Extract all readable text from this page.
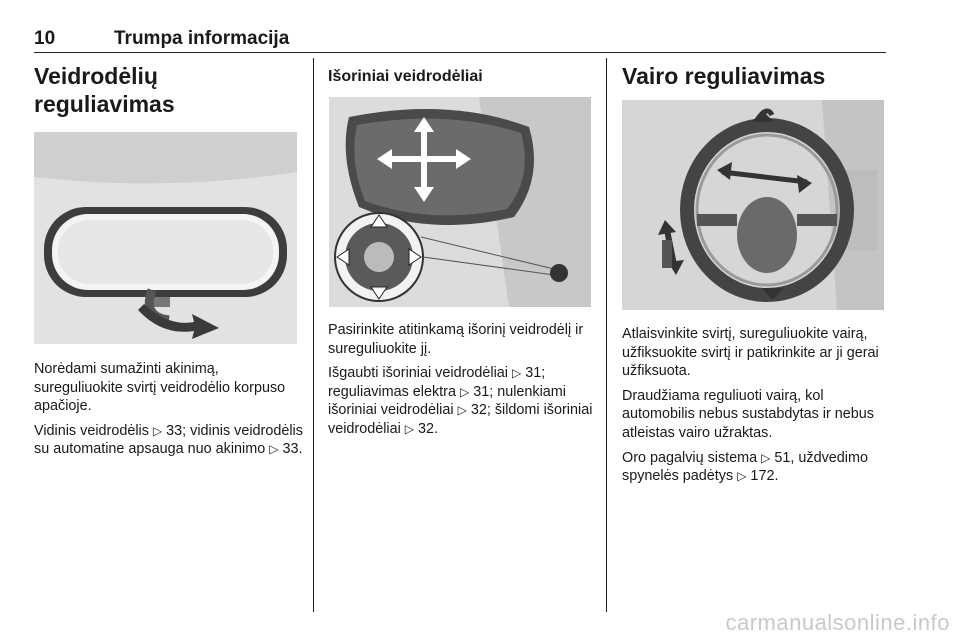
10	Trumpa informacija
Veidrodėlių reguliavimas

Norėdami sumažinti akinimą, sureguliuokite svirtį veidrodėlio korpuso apačioje.

Vidinis veidrodėlis ▷ 33; vidinis veidrodėlis su automatine apsauga nuo akinimo ▷ 33.

Išoriniai veidrodėliai

Pasirinkite atitinkamą išorinį veidrodėlį ir sureguliuokite jį.

Išgaubti išoriniai veidrodėliai ▷ 31; reguliavimas elektra ▷ 31; nulenkiami išoriniai veidrodėliai ▷ 32; šildomi išoriniai veidrodėliai ▷ 32.

Vairo reguliavimas

Atlaisvinkite svirtį, sureguliuokite vairą, užfiksuokite svirtį ir patikrinkite ar ji gerai užfiksuota.

Draudžiama reguliuoti vairą, kol automobilis nebus sustabdytas ir nebus atleistas vairo užraktas.

Oro pagalvių sistema ▷ 51, uždvedimo spynelės padėtys ▷ 172.

carmanualsonline.info
